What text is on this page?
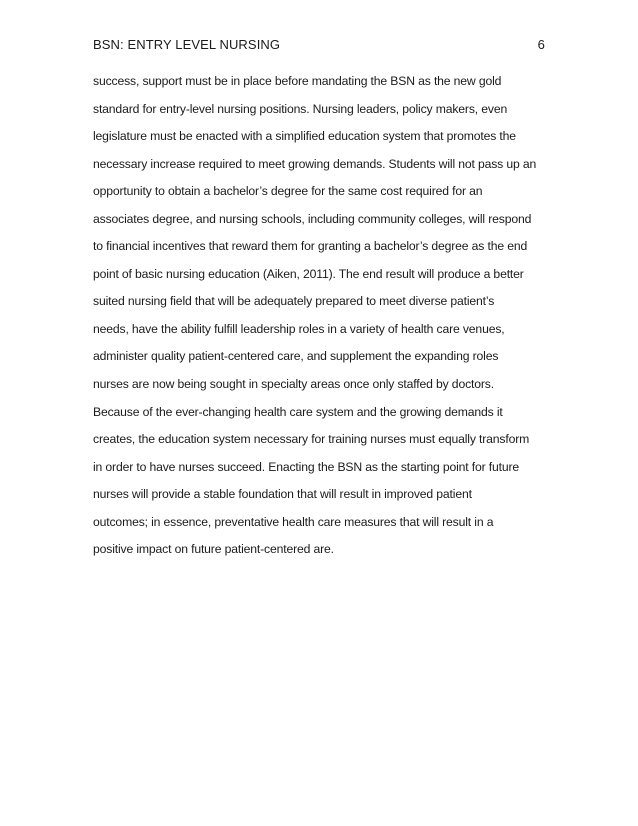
BSN: ENTRY LEVEL NURSING	6
success, support must be in place before mandating the BSN as the new gold
standard for entry-level nursing positions. Nursing leaders, policy makers, even
legislature must be enacted with a simplified education system that promotes the
necessary increase required to meet growing demands. Students will not pass up an
opportunity to obtain a bachelor’s degree for the same cost required for an
associates degree, and nursing schools, including community colleges, will respond
to financial incentives that reward them for granting a bachelor’s degree as the end
point of basic nursing education (Aiken, 2011). The end result will produce a better
suited nursing field that will be adequately prepared to meet diverse patient’s
needs, have the ability fulfill leadership roles in a variety of health care venues,
administer quality patient-centered care, and supplement the expanding roles
nurses are now being sought in specialty areas once only staffed by doctors.
Because of the ever-changing health care system and the growing demands it
creates, the education system necessary for training nurses must equally transform
in order to have nurses succeed. Enacting the BSN as the starting point for future
nurses will provide a stable foundation that will result in improved patient
outcomes; in essence, preventative health care measures that will result in a
positive impact on future patient-centered are.
